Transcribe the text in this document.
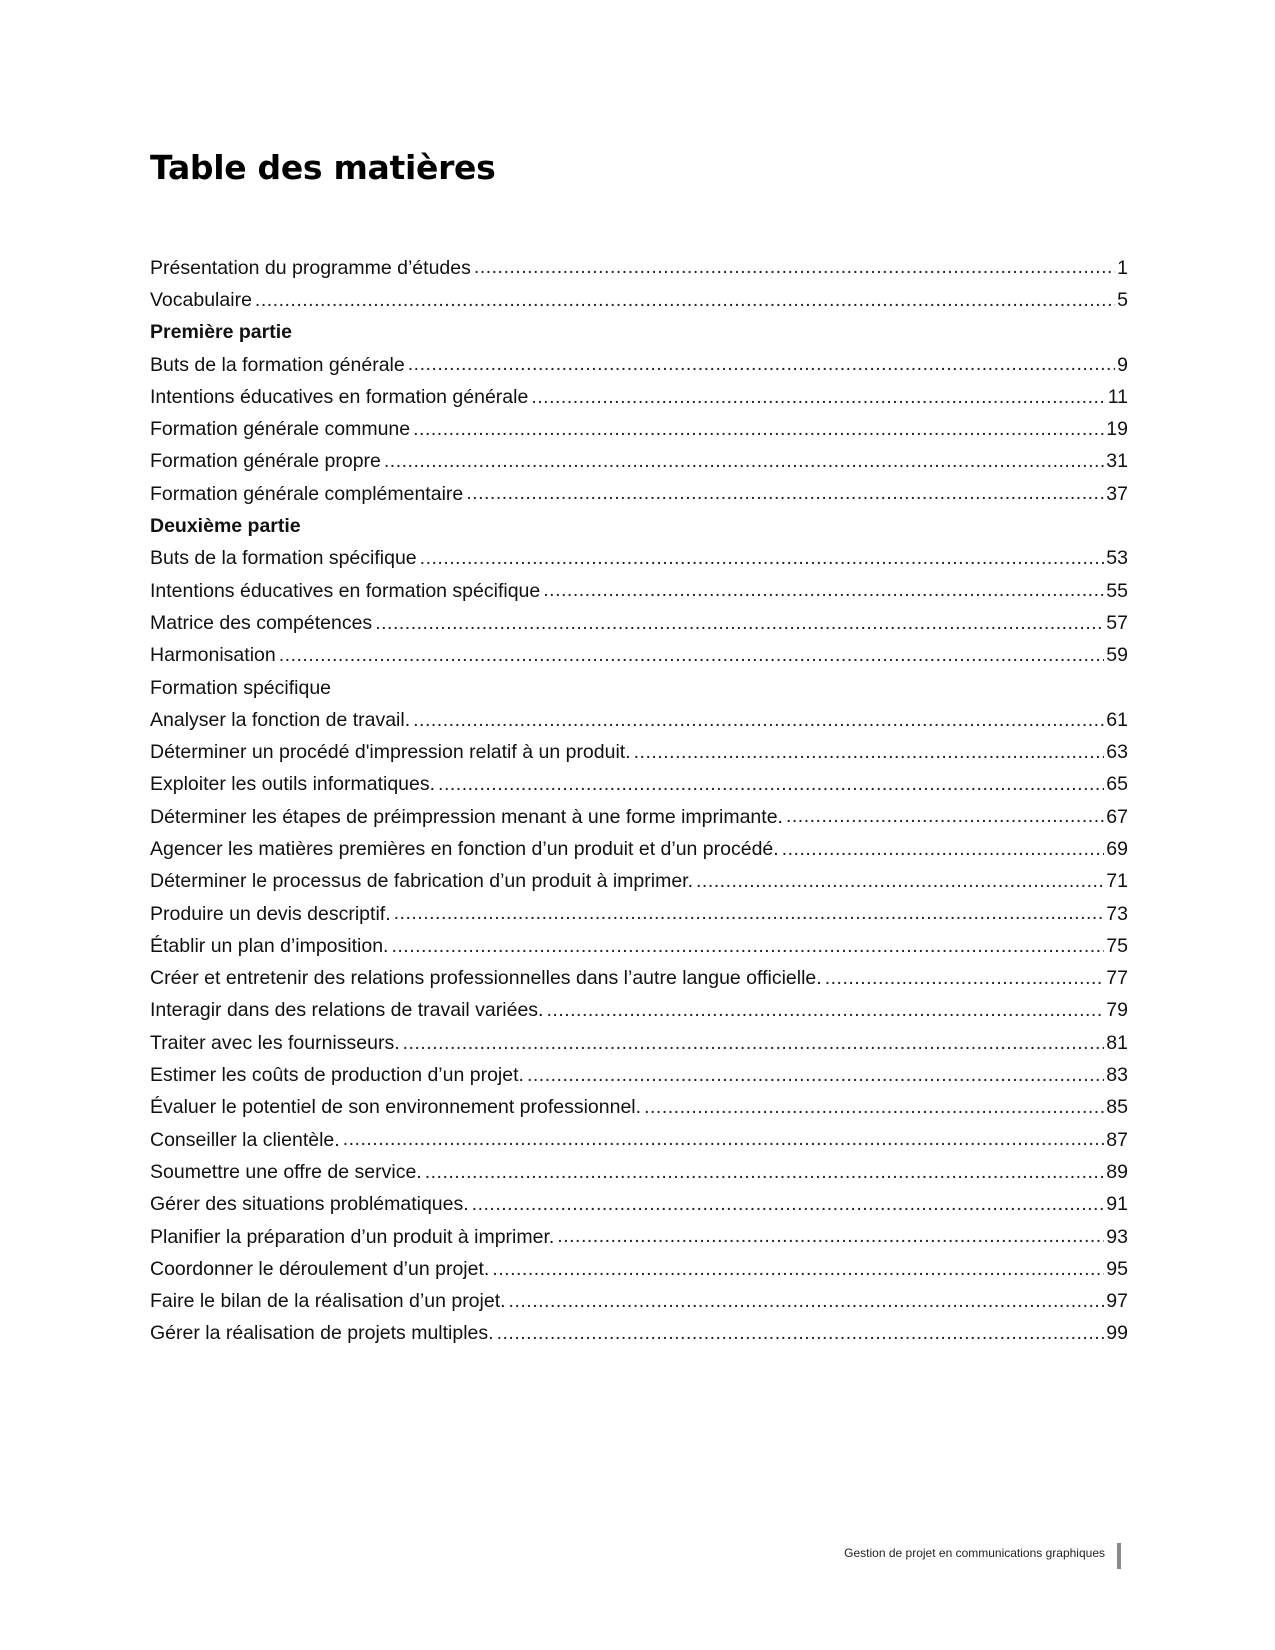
Table des matières
Présentation du programme d’études .....	1
Vocabulaire .....	5
Première partie
Buts de la formation générale .....	9
Intentions éducatives en formation générale .....	11
Formation générale commune .....	19
Formation générale propre .....	31
Formation générale complémentaire .....	37
Deuxième partie
Buts de la formation spécifique .....	53
Intentions éducatives en formation spécifique .....	55
Matrice des compétences .....	57
Harmonisation .....	59
Formation spécifique
Analyser la fonction de travail. .....	61
Déterminer un procédé d'impression relatif à un produit. .....	63
Exploiter les outils informatiques. .....	65
Déterminer les étapes de préimpression menant à une forme imprimante. .....	67
Agencer les matières premières en fonction d’un produit et d’un procédé. .....	69
Déterminer le processus de fabrication d’un produit à imprimer. .....	71
Produire un devis descriptif. .....	73
Établir un plan d’imposition. .....	75
Créer et entretenir des relations professionnelles dans l’autre langue officielle. .....	77
Interagir dans des relations de travail variées. .....	79
Traiter avec les fournisseurs. .....	81
Estimer les coûts de production d’un projet. .....	83
Évaluer le potentiel de son environnement professionnel. .....	85
Conseiller la clientèle. .....	87
Soumettre une offre de service. .....	89
Gérer des situations problématiques. .....	91
Planifier la préparation d’un produit à imprimer. .....	93
Coordonner le déroulement d’un projet. .....	95
Faire le bilan de la réalisation d’un projet. .....	97
Gérer la réalisation de projets multiples. .....	99
Gestion de projet en communications graphiques
